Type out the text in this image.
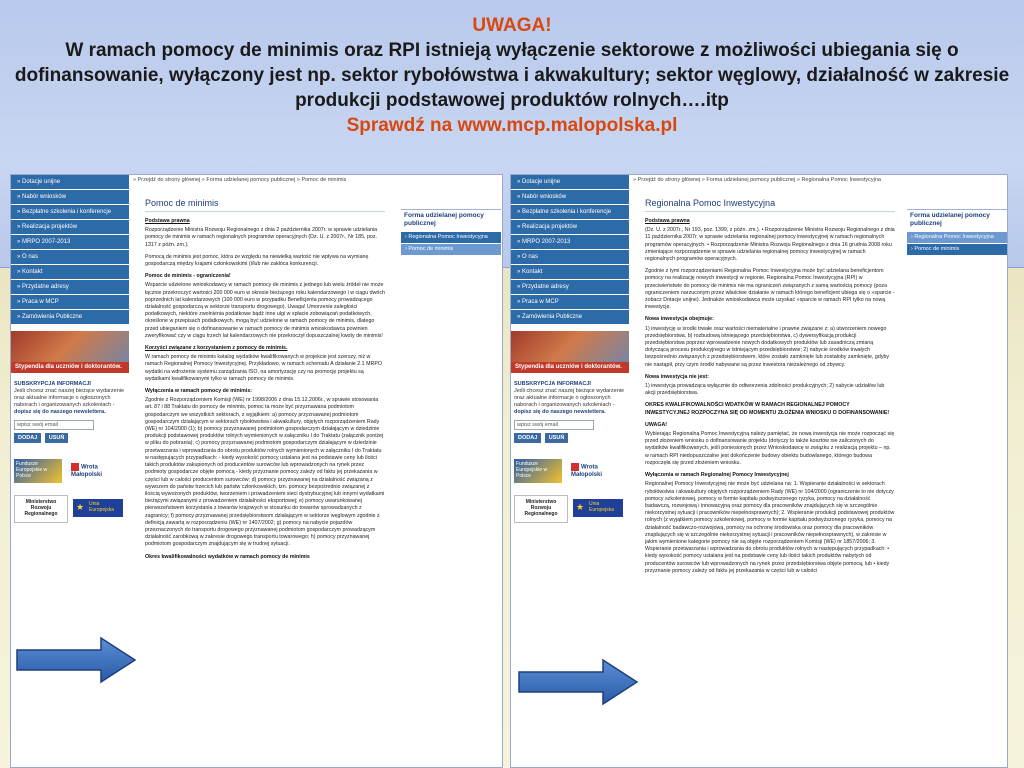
UWAGA!
W ramach pomocy de minimis oraz RPI istnieją wyłączenie sektorowe z możliwości ubiegania się o dofinansowanie, wyłączony jest np. sektor rybołówstwa i akwakultury; sektor węglowy, działalność w zakresie produkcji podstawowej produktów rolnych….itp
Sprawdź na www.mcp.malopolska.pl
» Dotacje unijne
» Nabór wniosków
» Bezpłatne szkolenia i konferencje
» Realizacja projektów
» MRPO 2007-2013
» O nas
» Kontakt
» Przydatne adresy
» Praca w MCP
» Zamówienia Publiczne
Stypendia dla uczniów i doktorantów.
SUBSKRYPCJA INFORMACJI
Jeśli chcesz znać naszej bieżące wydarzenie oraz aktualne informacje o ogłoszonych naborach i organizowanych szkoleniach - dopisz się do naszego newslettera.
wpisz swój email
DODAJ USUŃ
Fundusze Europejskie w Polsce
Wrota Małopolski
Ministerstwo Rozwoju Regionalnego
★ Unia Europejska
» Przejdź do strony głównej » Forma udzielanej pomocy publicznej » Pomoc de minimis
Pomoc de minimis
Podstawa prawna
Rozporządzenie Ministra Rozwoju Regionalnego z dnia 2 października 2007r. w sprawie udzielania pomocy de minimis w ramach regionalnych programów operacyjnych (Dz. U. z 2007r., Nr 185, poz. 1317 z późn. zm.).
Pomocą de minimis jest pomoc, która ze względu na niewielką wartość nie wpływa na wymianę gospodarczą między krajami członkowskimi (i/lub nie zakłóca konkurencji.
Pomoc de minimis - ograniczenia!
Wsparcie udzielone wnioskodawcy w ramach pomocy de minimis z jednego lub wielu źródeł nie może łącznie przekroczyć wartości 200 000 euro w okresie bieżącego roku kalendarzowego i w ciągu dwóch poprzednich lat kalendarzowych (100 000 euro w przypadku Beneficjenta pomocy prowadzącego działalność gospodarczą w sektorze transportu drogowego). Uwaga! Umorzenie zaległości podatkowych, niektóre zwolnienia podatkowe bądź inne ulgi w spłacie zobowiązań podatkowych, określone w przepisach podatkowych, mogą być udzielone w ramach pomocy de minimis, dlatego przed ubieganiem się o dofinansowanie w ramach pomocy de minimis wnioskodawca powinien zweryfikować czy w ciągu trzech lat kalendarzowych nie przekroczył dopuszczalnej kwoty de minimis!
Korzyści związane z korzystaniem z pomocy de minimis.
W ramach pomocy de minimis katalog wydatków kwalifikowanych w projekcie jest szerszy, niż w ramach Regionalnej Pomocy Inwestycyjnej. Przykładowo, w ramach schematu A działanie 2.1 MRPO wydatki na wdrożenie systemu zarządzania ISO, na amortyzację czy na promocję projektu są wydatkami kwalifikowanymi tylko w ramach pomocy de minimis.
Wyłączenia w ramach pomocy de minimis:
Zgodnie z Rozporządzeniem Komisji (WE) nr 1998/2006 z dnia 15.12.2006r., w sprawie stosowania art. 87 i 88 Traktatu do pomocy de minimis, pomoc ta może być przyznawana podmiotom gospodarczym we wszystkich sektorach, z wyjątkiem: a) pomocy przyznawanej podmiotom gospodarczym działającym w sektorach rybołówstwa i akwakultury, objętych rozporządzeniem Rady (WE) nr 104/2000 (1); b) pomocy przyznawanej podmiotom gospodarczym działającym w dziedzinie produkcji podstawowej produktów rolnych wymienionych w załączniku I do Traktatu (załącznik poniżej w pliku do pobrania); c) pomocy przyznawanej podmiotom gospodarczym działającym w dziedzinie przetwarzania i wprowadzania do obrotu produktów rolnych wymienionych w załączniku I do Traktatu w następujących przypadkach: - kiedy wysokość pomocy ustalana jest na podstawie ceny lub ilości takich produktów zakupionych od producentów surowców lub wprowadzonych na rynek przez podmioty gospodarcze objęte pomocą - kiedy przyznanie pomocy zależy od faktu jej przekazania w części lub w całości producentom surowców; d) pomocy przyznawanej na działalność związaną z wywozem do państw trzecich lub państw członkowskich, tzn. pomocy bezpośrednio związanej z ilością wywożonych produktów, tworzeniem i prowadzeniem sieci dystrybucyjnej lub innymi wydatkami bieżącymi związanymi z prowadzeniem działalności eksportowej; e) pomocy uwarunkowanej pierwszeństwem korzystania z towarów krajowych w stosunku do towarów sprowadzanych z zagranicy; f) pomocy przyznawanej przedsiębiorstwom działającym w sektorze węglowym zgodnie z definicją zawartą w rozporządzeniu (WE) nr 1407/2002; g) pomocy na nabycie pojazdów przeznaczonych do transportu drogowego przyznawanej podmiotom gospodarczym prowadzącym działalność zarobkową w zakresie drogowego transportu towarowego; h) pomocy przyznawanej podmiotom gospodarczym znajdującym się w trudnej sytuacji.
Okres kwalifikowalności wydatków w ramach pomocy de minimis
Forma udzielanej pomocy publicznej
› Regionalna Pomoc Inwestycyjna
› Pomoc de minimis
» Dotacje unijne
» Nabór wniosków
» Bezpłatne szkolenia i konferencje
» Realizacja projektów
» MRPO 2007-2013
» O nas
» Kontakt
» Przydatne adresy
» Praca w MCP
» Zamówienia Publiczne
Stypendia dla uczniów i doktorantów.
SUBSKRYPCJA INFORMACJI
Jeśli chcesz znać naszej bieżące wydarzenie oraz aktualne informacje o ogłoszonych naborach i organizowanych szkoleniach - dopisz się do naszego newslettera.
wpisz swój email
DODAJ USUŃ
Fundusze Europejskie w Polsce
Wrota Małopolski
Ministerstwo Rozwoju Regionalnego
★ Unia Europejska
» Przejdź do strony głównej » Forma udzielanej pomocy publicznej » Regionalna Pomoc Inwestycyjna
Regionalna Pomoc Inwestycyjna
Podstawa prawna
(Dz. U. z 2007r., Nr 193, poz. 1399, z późn. zm.). • Rozporządzenie Ministra Rozwoju Regionalnego z dnia 11 października 2007r. w sprawie udzielania regionalnej pomocy inwestycyjnej w ramach regionalnych programów operacyjnych. • Rozporządzenie Ministra Rozwoju Regionalnego z dnia 16 grudnia 2008 roku zmieniające rozporządzenie w sprawie udzielania regionalnej pomocy inwestycyjnej w ramach regionalnych programów operacyjnych.
Zgodnie z tymi rozporządzeniami Regionalna Pomoc Inwestycyjna może być udzielana beneficjentom pomocy na realizację nowych inwestycji w regionie. Regionalna Pomoc Inwestycyjna (RPI) w przeciwieństwie do pomocy de minimis nie ma ograniczeń związanych z samą wartością pomocy (poza ograniczeniem narzuconym przez właściwe działanie w ramach którego beneficjent ubiega się o »sparcie - zobacz Dotacje unijne). Jednakże wnioskodawca może uzyskać »sparcie w ramach RPI tylko na nową inwestycję.
Nowa inwestycja obejmuje:
1) inwestycję w środki trwałe oraz wartości niematerialne i prawne związane z: a) utworzeniem nowego przedsiębiorstwa, b) rozbudową istniejącego przedsiębiorstwa, c) dywersyfikacją produkcji przedsiębiorstwa poprzez wprowadzenie nowych dodatkowych produktów lub zasadniczą zmianą dotyczącą procesu produkcyjnego w istniejącym przedsiębiorstwie; 2) nabycie środków trwałych bezpośrednio związanych z przedsiębiorstwem, które zostało zamknięte lub zostałoby zamknięte, gdyby nie nastąpił, przy czym środki nabywane są przez inwestora niezależnego od zbywcy.
Nowa inwestycja nie jest:
1) inwestycja prowadząca wyłącznie do odtworzenia zdolności produkcyjnych; 2) nabycie udziałów lub akcji przedsiębiorstwa.
OKRES KWALIFIKOWALNOŚCI WDATKÓW W RAMACH REGIONALNEJ POMOCY INWESTYCYJNEJ ROZPOCZYNA SIĘ OD MOMENTU ZŁOŻENIA WNIOSKU O DOFINANSOWANIE!
UWAGA!
Wybierając Regionalną Pomoc Inwestycyjną należy pamiętać, że nowa inwestycja nie może rozpocząć się przed złożeniem wniosku o dofinansowanie projektu (dotyczy to także kosztów nie zaliczonych do wydatków kwalifikowanych, jeśli poniesionych przez Wnioskodawcę w związku z realizacją projektu – np. w ramach RPI niedopuszczalne jest dokończenie budowy obiektu budowlanego, którego budowa rozpoczęła się przed złożeniem wniosku.
Wyłączenia w ramach Regionalnej Pomocy Inwestycyjnej
Regionalnej Pomocy Inwestycyjnej nie może być udzielana na: 1. Wspieranie działalności w sektorach rybołówstwa i akwakultury objętych rozporządzeniem Rady (WE) nr 104/2000 (ograniczenie to nie dotyczy pomocy szkoleniowej, pomocy w formie kapitału podwyższonego ryzyka, pomocy na działalność badawczą, rozwojową i innowacyjną oraz pomocy dla pracowników znajdujących się w szczególnie niekorzystnej sytuacji i pracowników niepełnosprawnych); 2. Wspieranie produkcji podstawowej produktów rolnych (z wyjątkiem pomocy szkoleniowej, pomocy w formie kapitału podwyższonego ryzyka, pomocy na działalność badawczo-rozwojową, pomocy na ochronę środowiska oraz pomocy dla pracowników znajdujących się w szczególnie niekorzystnej sytuacji i pracowników niepełnosprawnych), w zakresie w jakim wymienione kategorie pomocy nie są objęte rozporządzeniem Komisji (WE) nr 1857/2006; 3. Wspieranie przetwarzania i wprowadzania do obrotu produktów rolnych w następujących przypadkach: • kiedy wysokość pomocy ustalana jest na podstawie ceny lub ilości takich produktów nabytych od producentów surowców lub wprowadzonych na rynek przez przedsiębiorstwa objęte pomocą, lub • kiedy przyznanie pomocy zależy od faktu jej przekazania w części lub w całości
Forma udzielanej pomocy publicznej
› Regionalna Pomoc Inwestycyjna
› Pomoc de minimis
